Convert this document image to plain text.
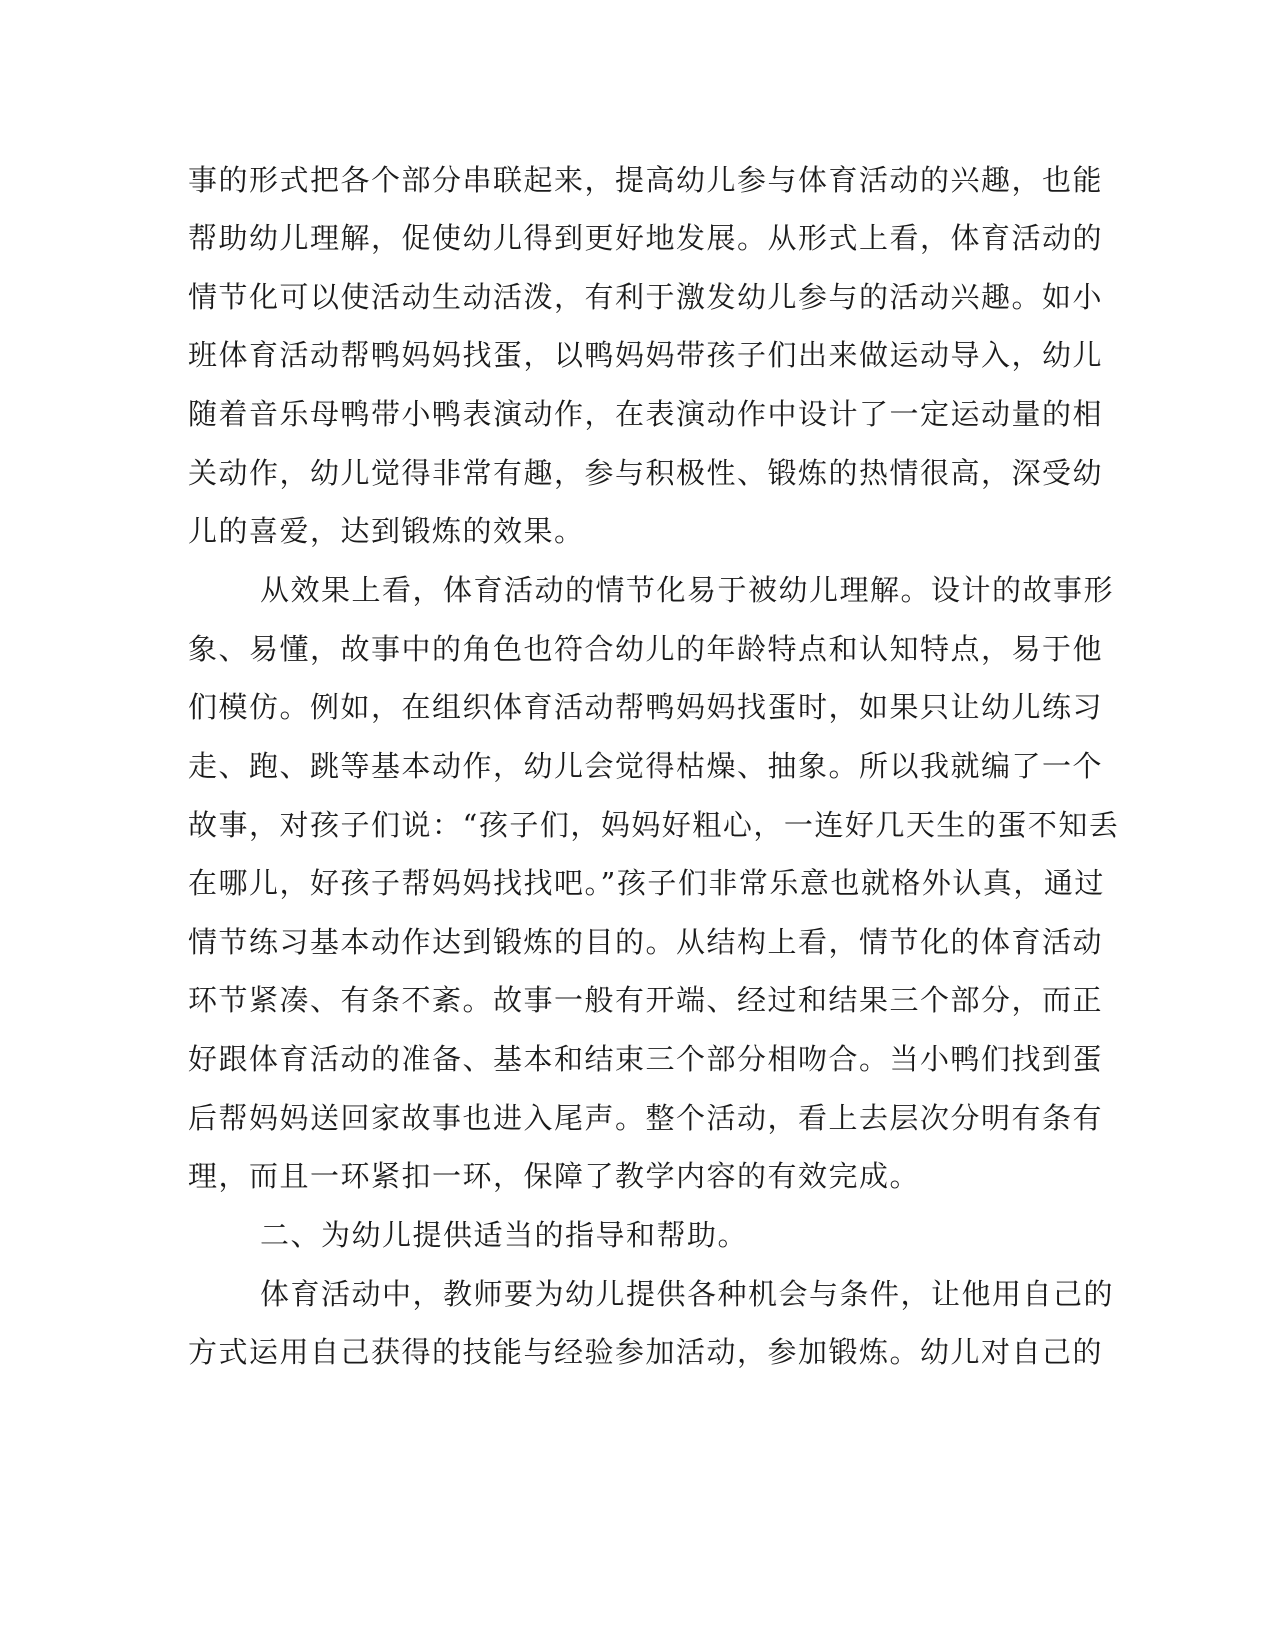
事的形式把各个部分串联起来，提高幼儿参与体育活动的兴趣，也能
帮助幼儿理解，促使幼儿得到更好地发展。从形式上看，体育活动的
情节化可以使活动生动活泼，有利于激发幼儿参与的活动兴趣。如小
班体育活动帮鸭妈妈找蛋，以鸭妈妈带孩子们出来做运动导入，幼儿
随着音乐母鸭带小鸭表演动作，在表演动作中设计了一定运动量的相
关动作，幼儿觉得非常有趣，参与积极性、锻炼的热情很高，深受幼
儿的喜爱，达到锻炼的效果。
从效果上看，体育活动的情节化易于被幼儿理解。设计的故事形
象、易懂，故事中的角色也符合幼儿的年龄特点和认知特点，易于他
们模仿。例如，在组织体育活动帮鸭妈妈找蛋时，如果只让幼儿练习
走、跑、跳等基本动作，幼儿会觉得枯燥、抽象。所以我就编了一个
故事，对孩子们说：“孩子们，妈妈好粗心，一连好几天生的蛋不知丢
在哪儿，好孩子帮妈妈找找吧。”孩子们非常乐意也就格外认真，通过
情节练习基本动作达到锻炼的目的。从结构上看，情节化的体育活动
环节紧凑、有条不紊。故事一般有开端、经过和结果三个部分，而正
好跟体育活动的准备、基本和结束三个部分相吻合。当小鸭们找到蛋
后帮妈妈送回家故事也进入尾声。整个活动，看上去层次分明有条有
理，而且一环紧扣一环，保障了教学内容的有效完成。
二、为幼儿提供适当的指导和帮助。
体育活动中，教师要为幼儿提供各种机会与条件，让他用自己的
方式运用自己获得的技能与经验参加活动，参加锻炼。幼儿对自己的
